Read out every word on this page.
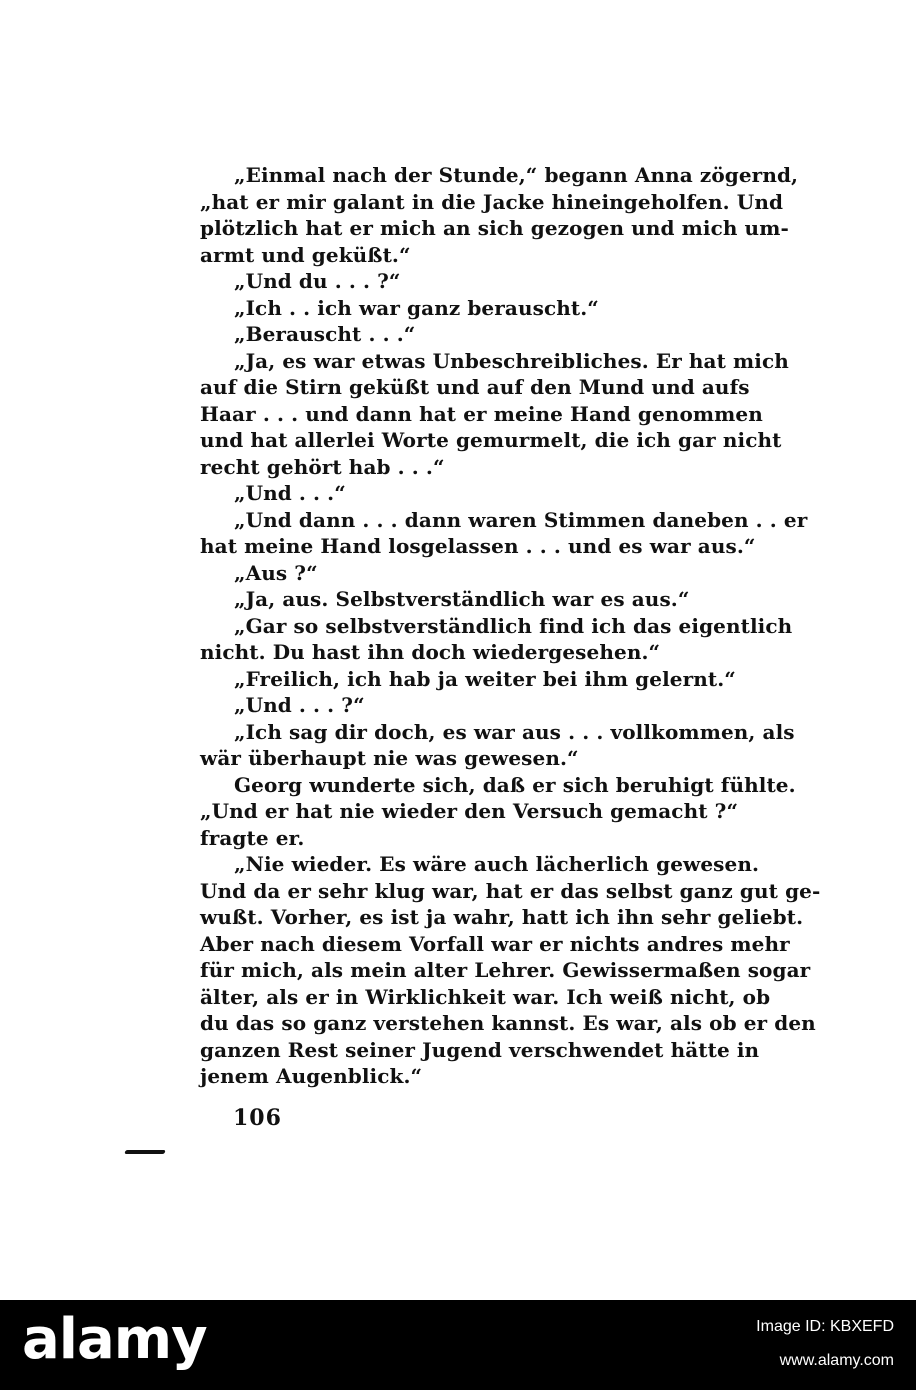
„Einmal nach der Stunde,“ begann Anna zögernd,
„hat er mir galant in die Jacke hineingeholfen. Und
plötzlich hat er mich an sich gezogen und mich um-
armt und geküßt.“
„Und du . . . ?“
„Ich . . ich war ganz berauscht.“
„Berauscht . . .“
„Ja, es war etwas Unbeschreibliches. Er hat mich
auf die Stirn geküßt und auf den Mund und aufs
Haar . . . und dann hat er meine Hand genommen
und hat allerlei Worte gemurmelt, die ich gar nicht
recht gehört hab . . .“
„Und . . .“
„Und dann . . . dann waren Stimmen daneben . . er
hat meine Hand losgelassen . . . und es war aus.“
„Aus ?“
„Ja, aus. Selbstverständlich war es aus.“
„Gar so selbstverständlich find ich das eigentlich
nicht. Du hast ihn doch wiedergesehen.“
„Freilich, ich hab ja weiter bei ihm gelernt.“
„Und . . . ?“
„Ich sag dir doch, es war aus . . . vollkommen, als
wär überhaupt nie was gewesen.“
Georg wunderte sich, daß er sich beruhigt fühlte.
„Und er hat nie wieder den Versuch gemacht ?“
fragte er.
„Nie wieder. Es wäre auch lächerlich gewesen.
Und da er sehr klug war, hat er das selbst ganz gut ge-
wußt. Vorher, es ist ja wahr, hatt ich ihn sehr geliebt.
Aber nach diesem Vorfall war er nichts andres mehr
für mich, als mein alter Lehrer. Gewissermaßen sogar
älter, als er in Wirklichkeit war. Ich weiß nicht, ob
du das so ganz verstehen kannst. Es war, als ob er den
ganzen Rest seiner Jugend verschwendet hätte in
jenem Augenblick.“
106
alamy	Image ID: KBXEFD
www.alamy.com
